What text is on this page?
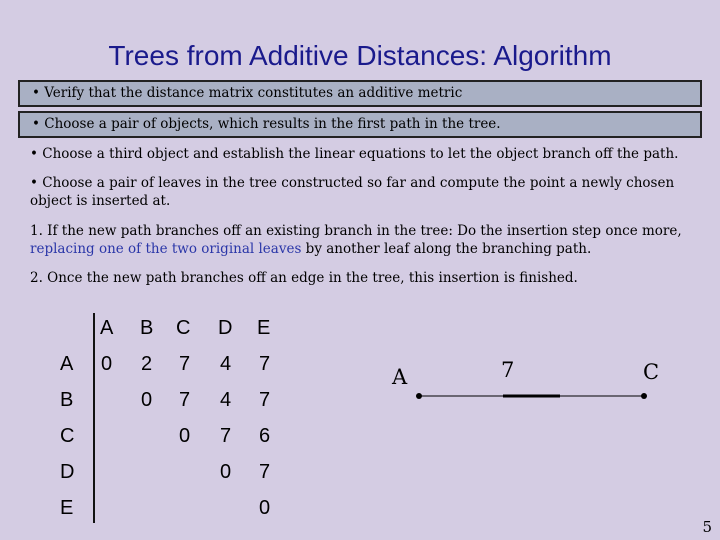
Trees from Additive Distances: Algorithm
• Verify that the distance matrix constitutes an additive metric
• Choose a pair of objects, which results in the first path in the tree.
• Choose a third object and establish the linear equations to let the object branch off the path.
• Choose a pair of leaves in the tree constructed so far and compute the point a newly chosen object is inserted at.
1. If the new path branches off an existing branch in the tree: Do the insertion step once more, replacing one of the two original leaves by another leaf along the branching path.
2. Once the new path branches off an edge in the tree, this insertion is finished.
A B C D E
A
B
C
D
E
0 2 7 4 7
0 7 4 7
0 7 6
0 7
0
A	7	C
5
